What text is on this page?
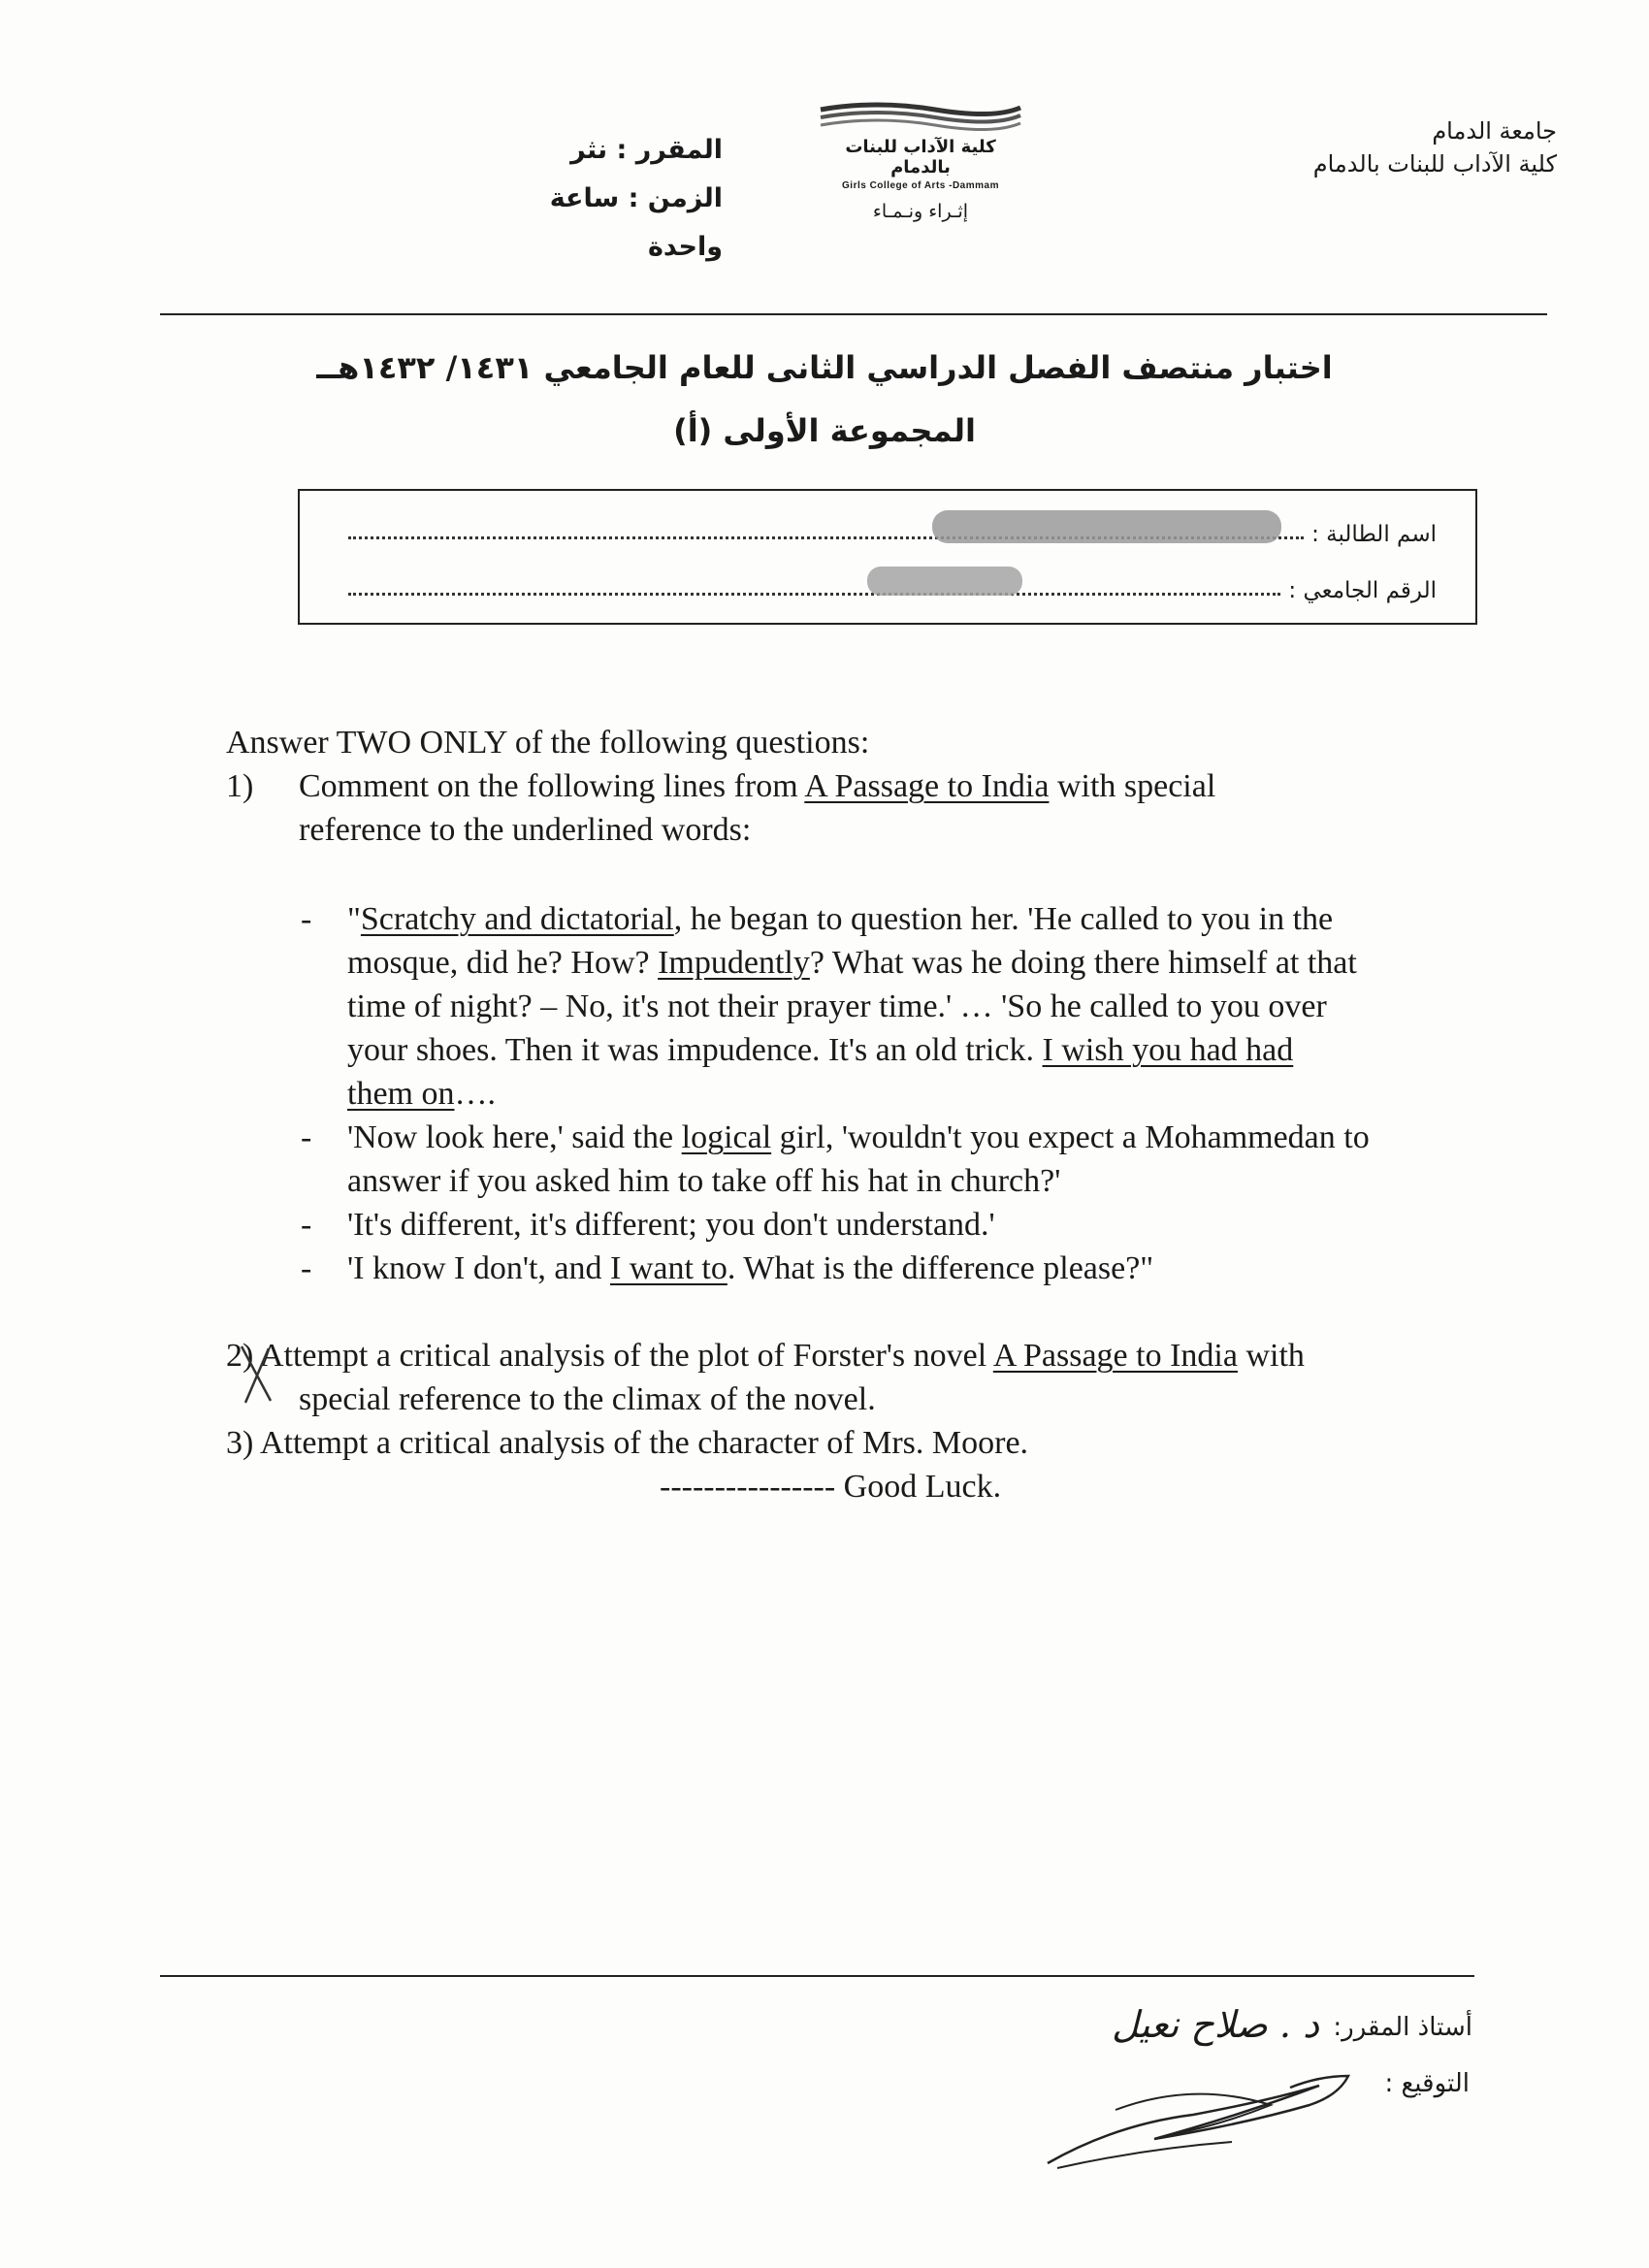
جامعة الدمام
كلية الآداب للبنات بالدمام
كلية الآداب للبنات بالدمام
Girls College of Arts -Dammam
إثـراء ونـمـاء
المقرر : نثر
الزمن : ساعة واحدة
اختبار منتصف الفصل الدراسي الثانى للعام الجامعي ١٤٣١/ ١٤٣٢هــ
المجموعة الأولى (أ)
اسم الطالبة :
الرقم الجامعي :
Answer TWO ONLY of the following questions:
1) Comment on the following lines from A Passage to India with special
reference to the underlined words:
- "Scratchy and dictatorial, he began to question her. 'He called to you in the
mosque, did he? How? Impudently? What was he doing there himself at that
time of night? – No, it's not their prayer time.' … 'So he called to you over
your shoes. Then it was impudence. It's an old trick. I wish you had had
them on….
- 'Now look here,' said the logical girl, 'wouldn't you expect a Mohammedan to
answer if you asked him to take off his hat in church?'
- 'It's different, it's different; you don't understand.'
- 'I know I don't, and I want to. What is the difference please?"
2) Attempt a critical analysis of the plot of Forster's novel A Passage to India with
special reference to the climax of the novel.
3) Attempt a critical analysis of the character of Mrs. Moore.
---------------- Good Luck.
أستاذ المقرر:
التوقيع :
د . صلاح نعيل
